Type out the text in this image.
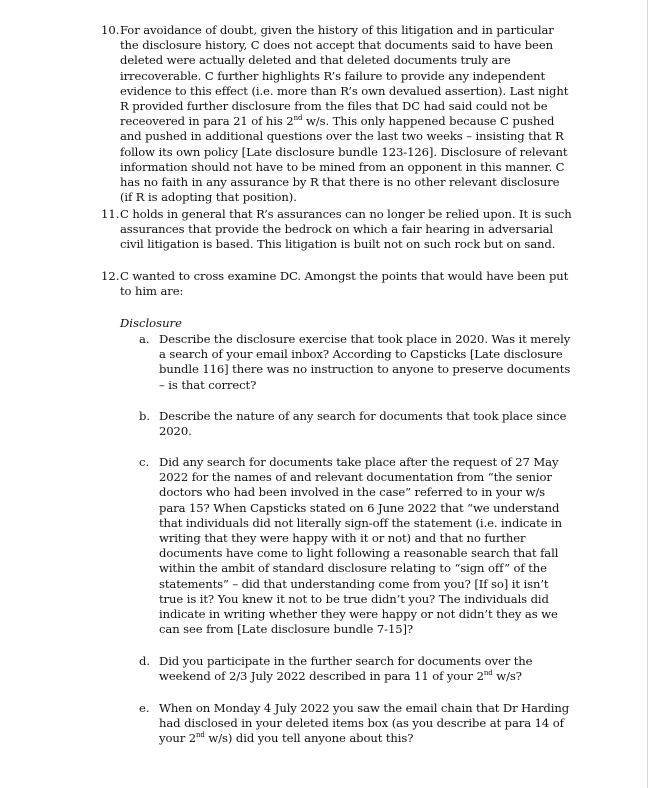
10. For avoidance of doubt, given the history of this litigation and in particular the disclosure history, C does not accept that documents said to have been deleted were actually deleted and that deleted documents truly are irrecoverable. C further highlights R’s failure to provide any independent evidence to this effect (i.e. more than R’s own devalued assertion). Last night R provided further disclosure from the files that DC had said could not be receovered in para 21 of his 2nd w/s. This only happened because C pushed and pushed in additional questions over the last two weeks – insisting that R follow its own policy [Late disclosure bundle 123-126]. Disclosure of relevant information should not have to be mined from an opponent in this manner. C has no faith in any assurance by R that there is no other relevant disclosure (if R is adopting that position).
11. C holds in general that R’s assurances can no longer be relied upon. It is such assurances that provide the bedrock on which a fair hearing in adversarial civil litigation is based. This litigation is built not on such rock but on sand.
12. C wanted to cross examine DC. Amongst the points that would have been put to him are:
Disclosure
a. Describe the disclosure exercise that took place in 2020. Was it merely a search of your email inbox? According to Capsticks [Late disclosure bundle 116] there was no instruction to anyone to preserve documents – is that correct?
b. Describe the nature of any search for documents that took place since 2020.
c. Did any search for documents take place after the request of 27 May 2022 for the names of and relevant documentation from “the senior doctors who had been involved in the case” referred to in your w/s para 15? When Capsticks stated on 6 June 2022 that “we understand that individuals did not literally sign-off the statement (i.e. indicate in writing that they were happy with it or not) and that no further documents have come to light following a reasonable search that fall within the ambit of standard disclosure relating to “sign off” of the statements” – did that understanding come from you? [If so] it isn’t true is it? You knew it not to be true didn’t you? The individuals did indicate in writing whether they were happy or not didn’t they as we can see from [Late disclosure bundle 7-15]?
d. Did you participate in the further search for documents over the weekend of 2/3 July 2022 described in para 11 of your 2nd w/s?
e. When on Monday 4 July 2022 you saw the email chain that Dr Harding had disclosed in your deleted items box (as you describe at para 14 of your 2nd w/s) did you tell anyone about this?
